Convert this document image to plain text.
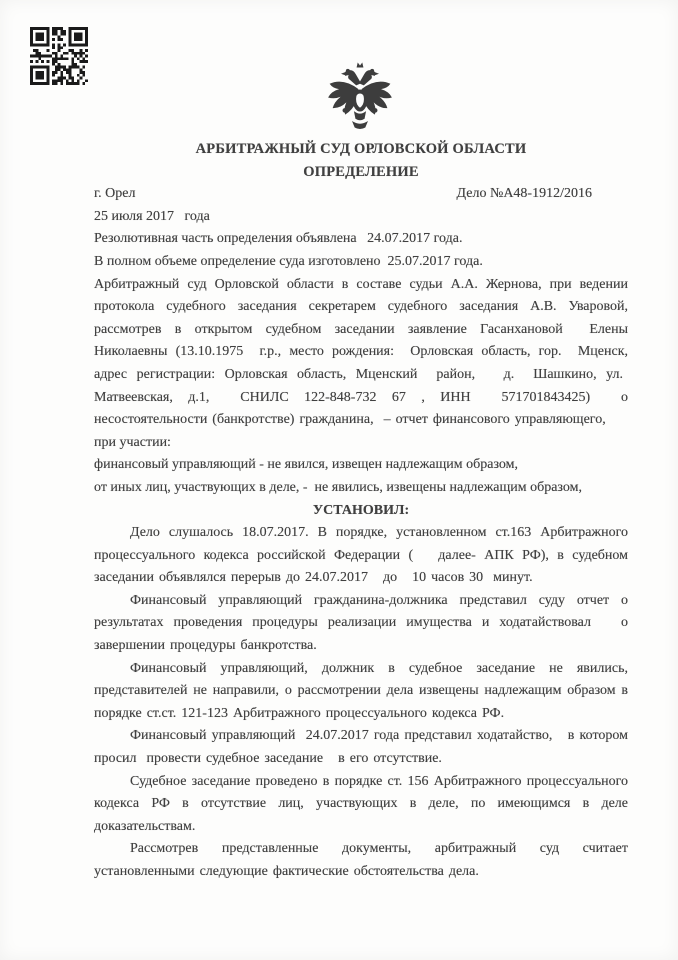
АРБИТРАЖНЫЙ СУД ОРЛОВСКОЙ ОБЛАСТИ

ОПРЕДЕЛЕНИЕ

г. Орел	Дело №А48-1912/2016

25 июля 2017   года

Резолютивная часть определения объявлена   24.07.2017 года.

В полном объеме определение суда изготовлено  25.07.2017 года.

Арбитражный суд Орловской области в составе судьи А.А. Жернова, при ведении протокола судебного заседания секретарем судебного заседания А.В. Уваровой, рассмотрев в открытом судебном заседании заявление Гасанхановой  Елены Николаевны (13.10.1975  г.р., место рождения:  Орловская область, гор.  Мценск, адрес регистрации: Орловская область, Мценский  район,   д.  Шашкино, ул.  Матвеевская, д.1,  СНИЛС 122-848-732 67 , ИНН  571701843425)  о несостоятельности (банкротстве) гражданина,  – отчет финансового управляющего,

при участии:

финансовый управляющий - не явился, извещен надлежащим образом,

от иных лиц, участвующих в деле, -  не явились, извещены надлежащим образом,

УСТАНОВИЛ:

Дело слушалось 18.07.2017. В порядке, установленном ст.163 Арбитражного процессуального кодекса российской Федерации (   далее- АПК РФ), в судебном заседании объявлялся перерыв до 24.07.2017   до   10 часов 30  минут.

Финансовый управляющий гражданина-должника представил суду отчет о результатах проведения процедуры реализации имущества и ходатайствовал   о завершении процедуры банкротства.

Финансовый управляющий, должник в судебное заседание не явились, представителей не направили, о рассмотрении дела извещены надлежащим образом в порядке ст.ст. 121-123 Арбитражного процессуального кодекса РФ.

Финансовый управляющий  24.07.2017 года представил ходатайство,   в котором просил  провести судебное заседание   в его отсутствие.

Судебное заседание проведено в порядке ст. 156 Арбитражного процессуального кодекса РФ в отсутствие лиц, участвующих в деле, по имеющимся в деле доказательствам.

Рассмотрев представленные документы, арбитражный суд считает установленными следующие фактические обстоятельства дела.
